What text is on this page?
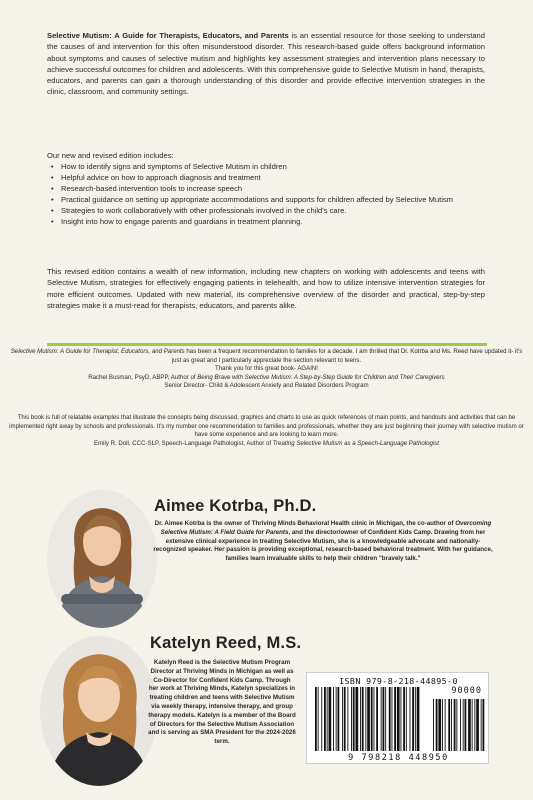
Selective Mutism: A Guide for Therapists, Educators, and Parents is an essential resource for those seeking to understand the causes of and intervention for this often misunderstood disorder. This research-based guide offers background information about symptoms and causes of selective mutism and highlights key assessment strategies and intervention plans necessary to achieve successful outcomes for children and adolescents. With this comprehensive guide to Selective Mutism in hand, therapists, educators, and parents can gain a thorough understanding of this disorder and provide effective intervention strategies in the clinic, classroom, and community settings.

Our new and revised edition includes:

• How to identify signs and symptoms of Selective Mutism in children
• Helpful advice on how to approach diagnosis and treatment
• Research-based intervention tools to increase speech
• Practical guidance on setting up appropriate accommodations and supports for children affected by Selective Mutism
• Strategies to work collaboratively with other professionals involved in the child's care.
• Insight into how to engage parents and guardians in treatment planning.

This revised edition contains a wealth of new information, including new chapters on working with adolescents and teens with Selective Mutism, strategies for effectively engaging patients in telehealth, and how to utilize intensive intervention strategies for more efficient outcomes. Updated with new material, its comprehensive overview of the disorder and practical, step-by-step strategies make it a must-read for therapists, educators, and parents alike.

Selective Mutism: A Guide for Therapist, Educators, and Parents has been a frequent recommendation to families for a decade. I am thrilled that Dr. Kotrba and Ms. Reed have updated it- it's just as great and I particularly appreciate the section relevant to teens.
Thank you for this great book- AGAIN!
Rachel Busman, PsyD, ABPP, Author of Being Brave with Selective Mutism: A Step-by-Step Guide for Children and Their Caregivers
Senior Director- Child & Adolescent Anxiety and Related Disorders Program
This book is full of relatable examples that illustrate the concepts being discussed, graphics and charts to use as quick references of main points, and handouts and activities that can be implemented right away by schools and professionals. It's my number one recommendation to families and professionals, whether they are just beginning their journey with selective mutism or have some experience and are looking to learn more.
Emily R. Doll, CCC-SLP, Speech-Language Pathologist, Author of Treating Selective Mutism as a Speech-Language Pathologist
Aimee Kotrba, Ph.D.

Dr. Aimee Kotrba is the owner of Thriving Minds Behavioral Health clinic in Michigan, the co-author of Overcoming Selective Mutism: A Field Guide for Parents, and the director/owner of Confident Kids Camp. Drawing from her extensive clinical experience in treating Selective Mutism, she is a knowledgeable advocate and nationally-recognized speaker. Her passion is providing exceptional, research-based behavioral treatment. With her guidance, families learn invaluable skills to help their children "bravely talk."

Katelyn Reed, M.S.

Katelyn Reed is the Selective Mutism Program Director at Thriving Minds in Michigan as well as Co-Director for Confident Kids Camp. Through her work at Thriving Minds, Katelyn specializes in treating children and teens with Selective Mutism via weekly therapy, intensive therapy, and group therapy models. Katelyn is a member of the Board of Directors for the Selective Mutism Association and is serving as SMA President for the 2024-2026 term.

ISBN 979-8-218-44895-0
90000
9 798218 448950
